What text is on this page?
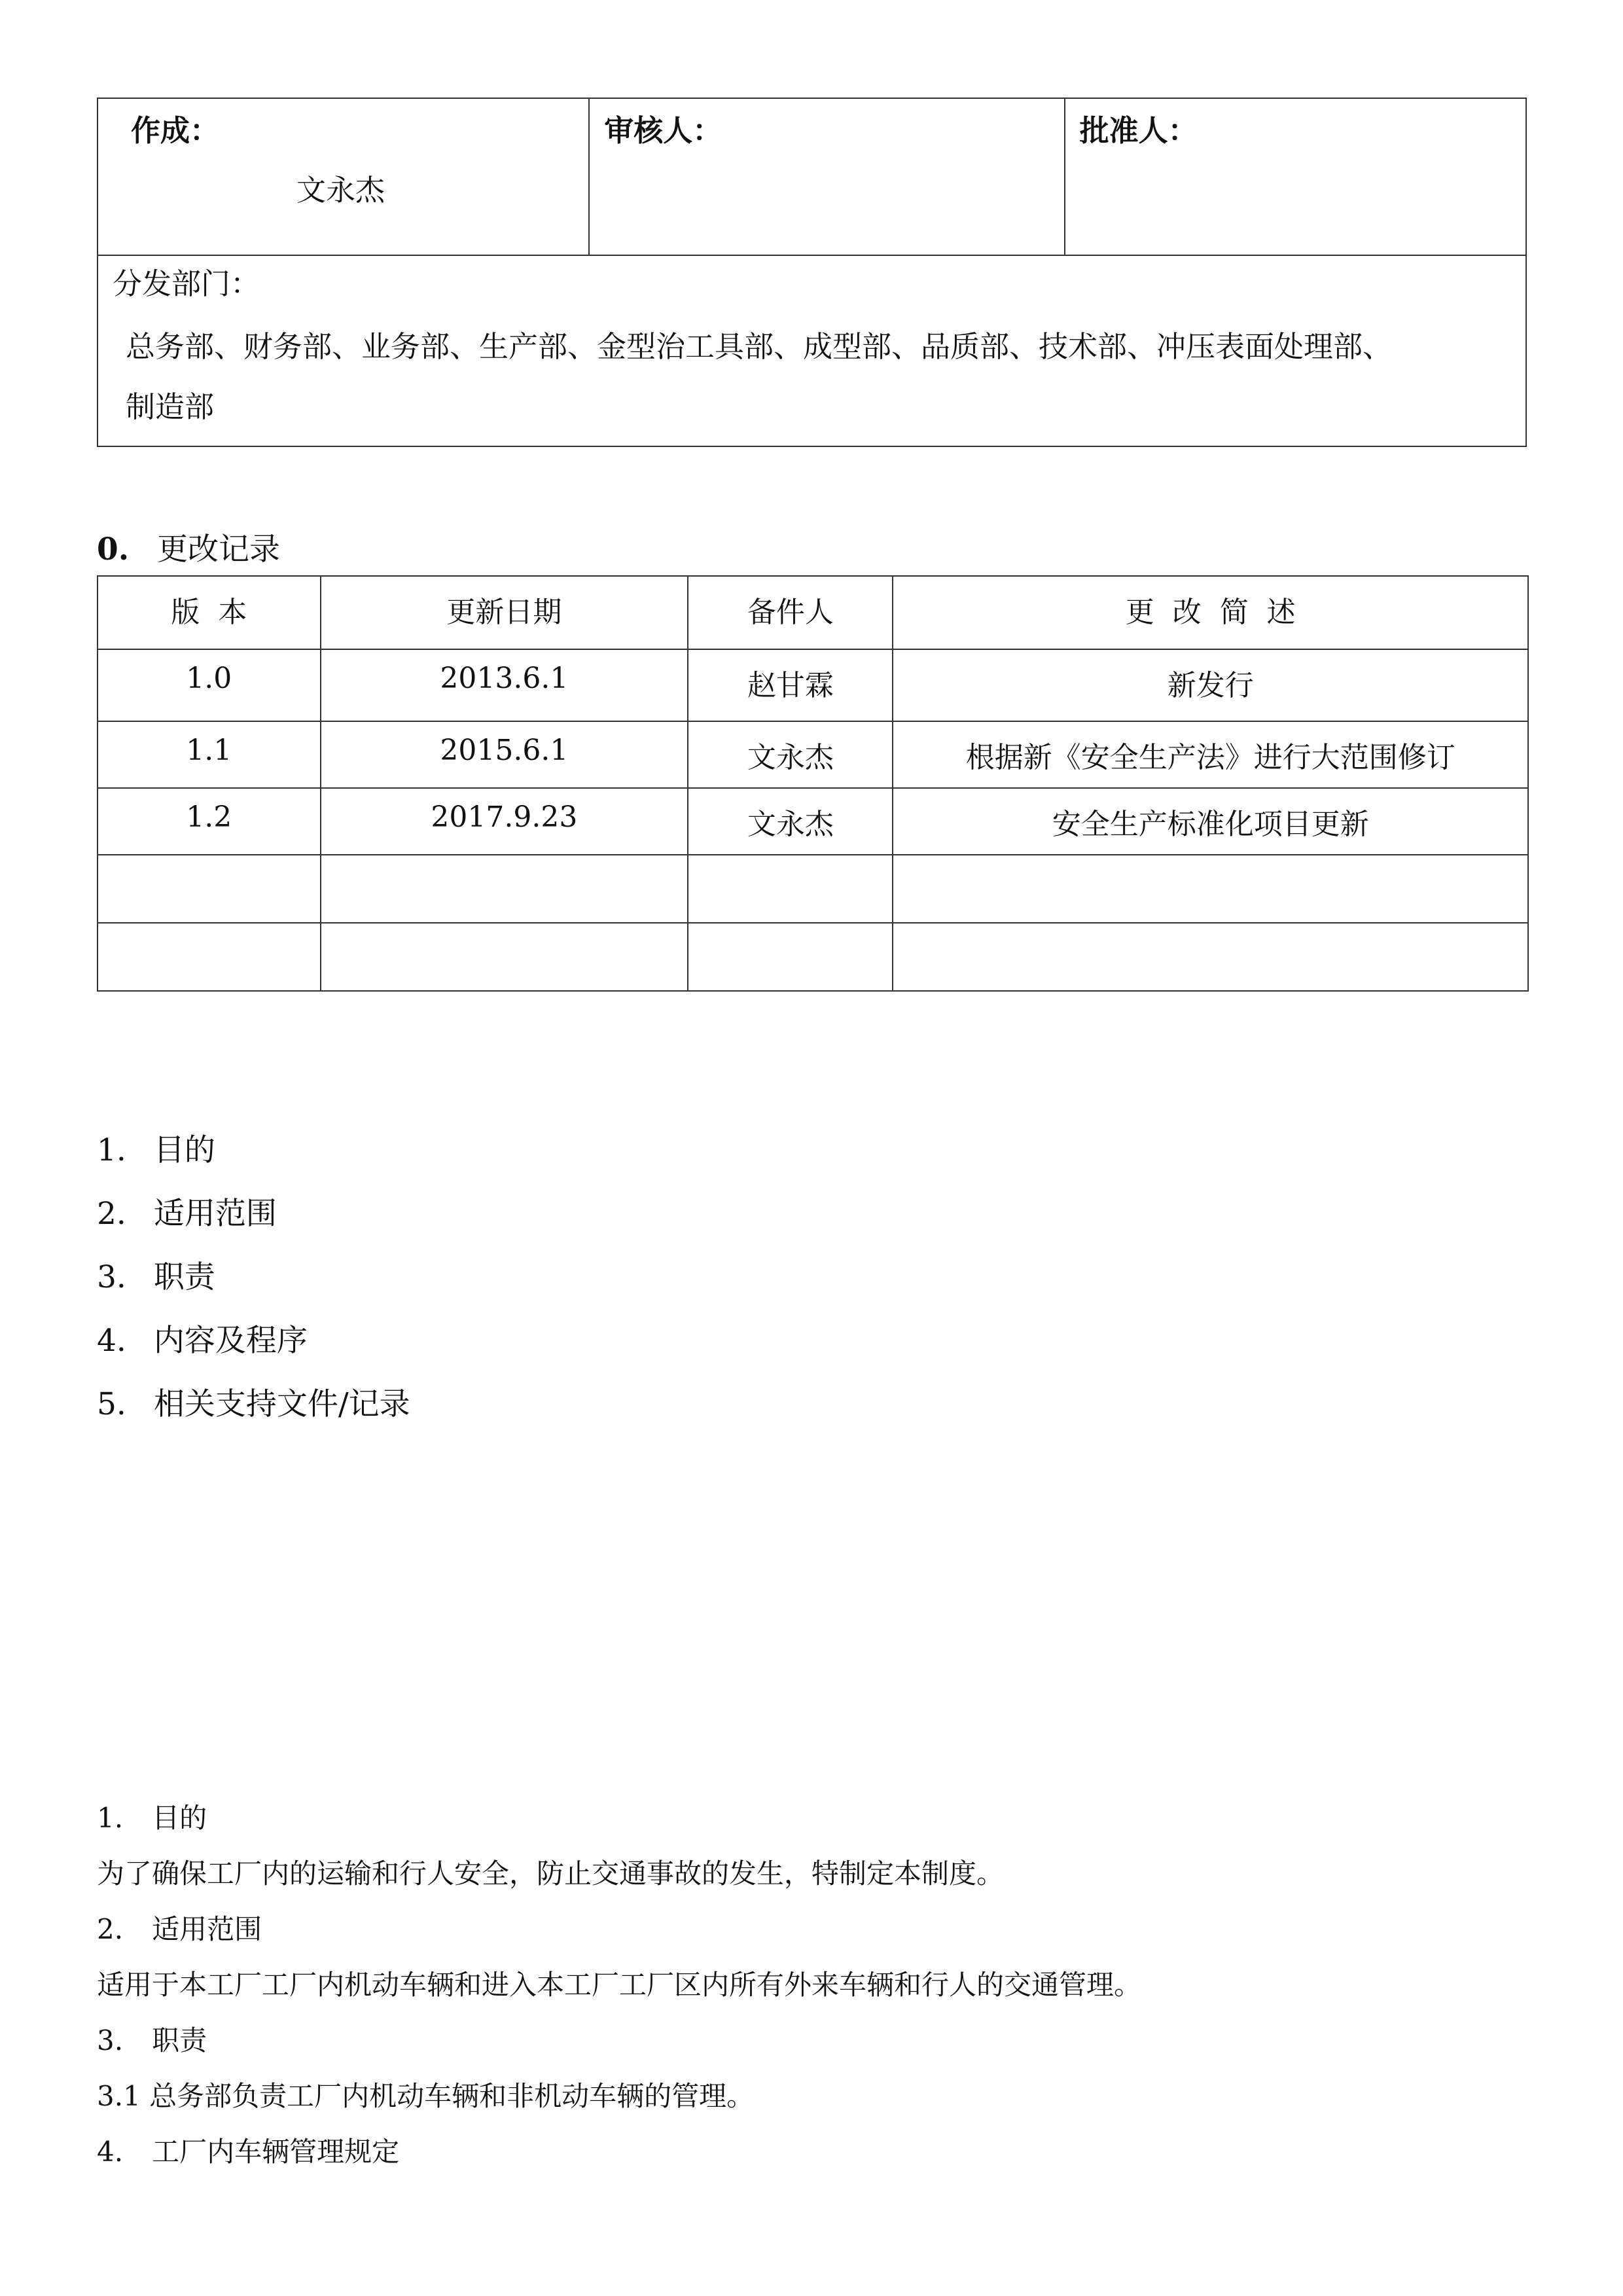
作成：
文永杰

审核人：	批准人：

分发部门：
总务部、财务部、业务部、生产部、金型治工具部、成型部、品质部、技术部、冲压表面处理部、
制造部
0. 更改记录
版  本	更新日期	备件人	更  改  简  述

1.0	2013.6.1	赵甘霖	新发行

1.1	2015.6.1	文永杰	根据新《安全生产法》进行大范围修订

1.2	2017.9.23	文永杰	安全生产标准化项目更新

1. 目的
2. 适用范围
3. 职责
4. 内容及程序
5. 相关支持文件/记录
1. 目的
为了确保工厂内的运输和行人安全，防止交通事故的发生，特制定本制度。
2. 适用范围
适用于本工厂工厂内机动车辆和进入本工厂工厂区内所有外来车辆和行人的交通管理。
3. 职责
3.1 总务部负责工厂内机动车辆和非机动车辆的管理。
4. 工厂内车辆管理规定
